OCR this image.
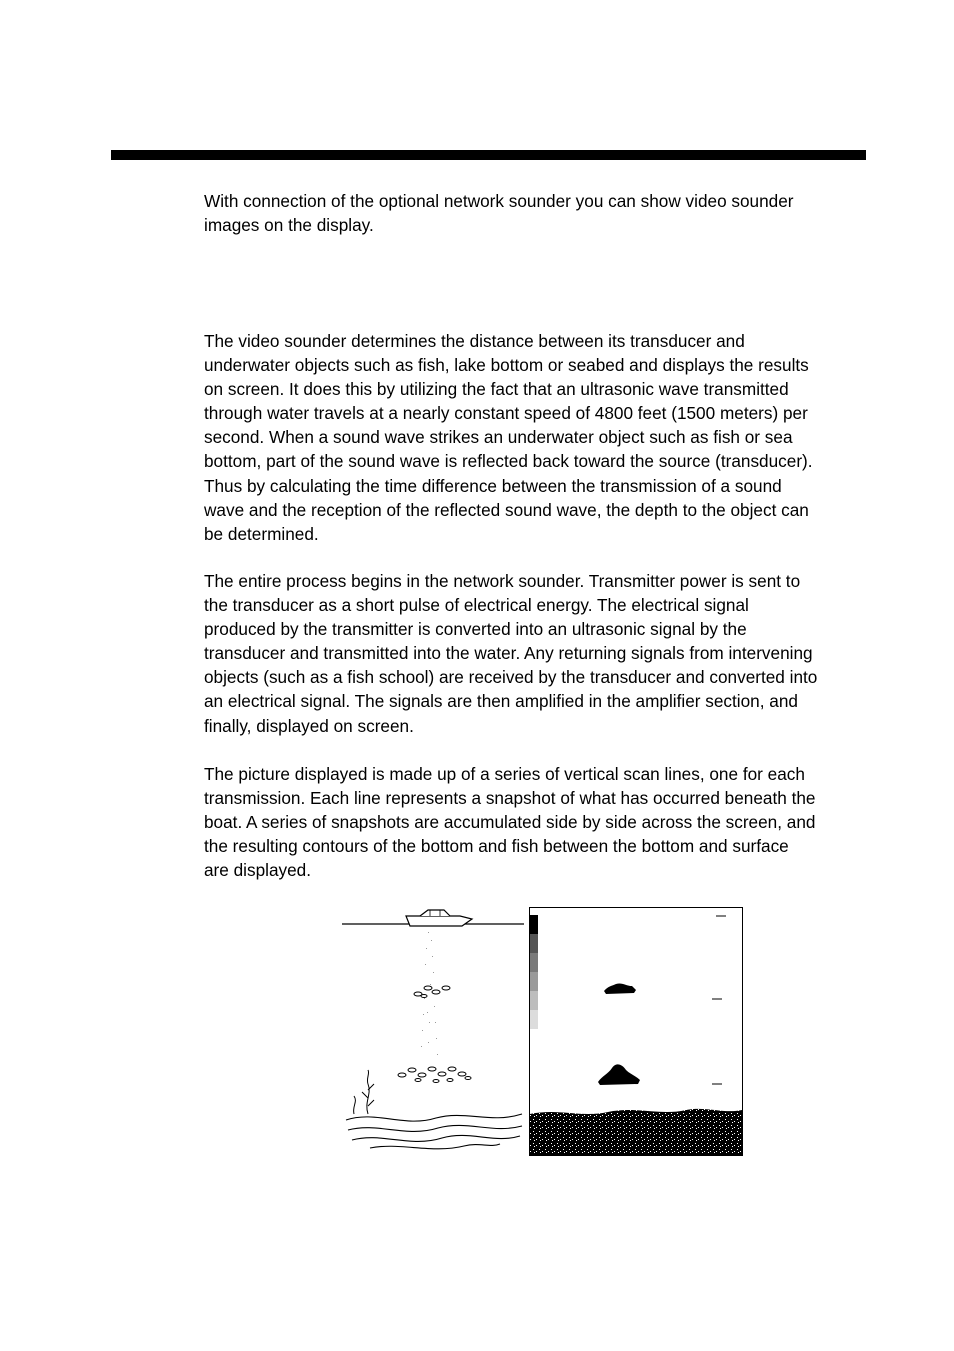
With connection of the optional network sounder you can show video sounder
images on the display.

The video sounder determines the distance between its transducer and
underwater objects such as fish, lake bottom or seabed and displays the results
on screen. It does this by utilizing the fact that an ultrasonic wave transmitted
through water travels at a nearly constant speed of 4800 feet (1500 meters) per
second. When a sound wave strikes an underwater object such as fish or sea
bottom, part of the sound wave is reflected back toward the source (transducer).
Thus by calculating the time difference between the transmission of a sound
wave and the reception of the reflected sound wave, the depth to the object can
be determined.

The entire process begins in the network sounder. Transmitter power is sent to
the transducer as a short pulse of electrical energy. The electrical signal
produced by the transmitter is converted into an ultrasonic signal by the
transducer and transmitted into the water. Any returning signals from intervening
objects (such as a fish school) are received by the transducer and converted into
an electrical signal. The signals are then amplified in the amplifier section, and
finally, displayed on screen.

The picture displayed is made up of a series of vertical scan lines, one for each
transmission. Each line represents a snapshot of what has occurred beneath the
boat. A series of snapshots are accumulated side by side across the screen, and
the resulting contours of the bottom and fish between the bottom and surface
are displayed.
